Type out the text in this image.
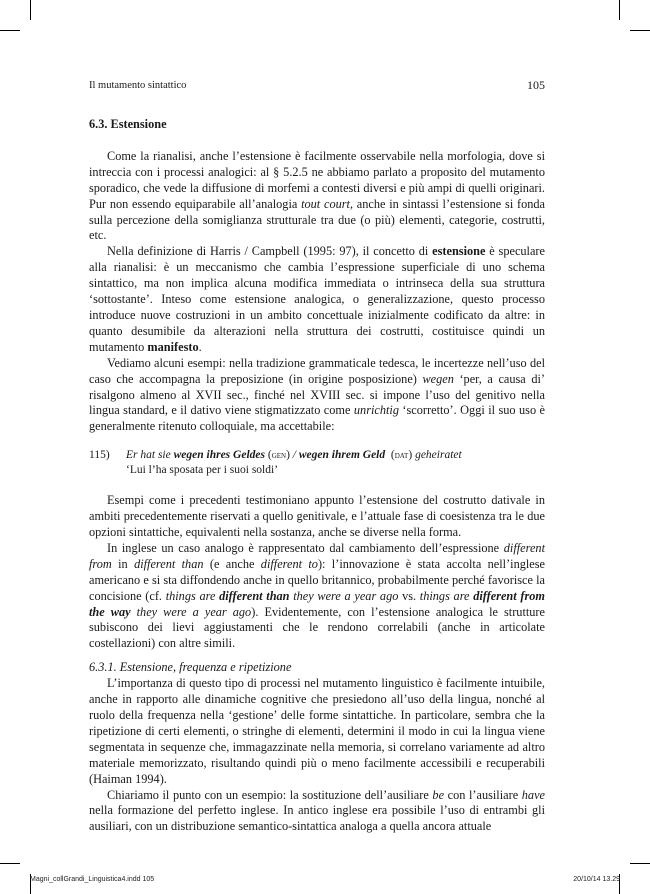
Il mutamento sintattico	105
6.3. Estensione

Come la rianalisi, anche l’estensione è facilmente osservabile nella morfologia, dove si intreccia con i processi analogici: al § 5.2.5 ne abbiamo parlato a proposito del mutamento sporadico, che vede la diffusione di morfemi a contesti diversi e più ampi di quelli originari. Pur non essendo equiparabile all’analogia tout court, anche in sintassi l’estensione si fonda sulla percezione della somiglianza strutturale tra due (o più) elementi, categorie, costrutti, etc.

Nella definizione di Harris / Campbell (1995: 97), il concetto di estensione è speculare alla rianalisi: è un meccanismo che cambia l’espressione superficiale di uno schema sintattico, ma non implica alcuna modifica immediata o intrinseca della sua struttura ‘sottostante’. Inteso come estensione analogica, o generalizzazione, questo processo introduce nuove costruzioni in un ambito concettuale inizialmente codificato da altre: in quanto desumibile da alterazioni nella struttura dei costrutti, costituisce quindi un mutamento manifesto.

Vediamo alcuni esempi: nella tradizione grammaticale tedesca, le incertezze nell’uso del caso che accompagna la preposizione (in origine posposizione) wegen ‘per, a causa di’ risalgono almeno al XVII sec., finché nel XVIII sec. si impone l’uso del genitivo nella lingua standard, e il dativo viene stigmatizzato come unrichtig ‘scorretto’. Oggi il suo uso è generalmente ritenuto colloquiale, ma accettabile:

115)	Er hat sie wegen ihres Geldes (gen) / wegen ihrem Geld  (dat) geheiratet
‘Lui l’ha sposata per i suoi soldi’

Esempi come i precedenti testimoniano appunto l’estensione del costrutto dativale in ambiti precedentemente riservati a quello genitivale, e l’attuale fase di coesistenza tra le due opzioni sintattiche, equivalenti nella sostanza, anche se diverse nella forma.

In inglese un caso analogo è rappresentato dal cambiamento dell’espressione different from in different than (e anche different to): l’innovazione è stata accolta nell’inglese americano e si sta diffondendo anche in quello britannico, probabilmente perché favorisce la concisione (cf. things are different than they were a year ago vs. things are different from the way they were a year ago). Evidentemente, con l’estensione analogica le strutture subiscono dei lievi aggiustamenti che le rendono correlabili (anche in articolate costellazioni) con altre simili.

6.3.1. Estensione, frequenza e ripetizione

L’importanza di questo tipo di processi nel mutamento linguistico è facilmente intuibile, anche in rapporto alle dinamiche cognitive che presiedono all’uso della lingua, nonché al ruolo della frequenza nella ‘gestione’ delle forme sintattiche. In particolare, sembra che la ripetizione di certi elementi, o stringhe di elementi, determini il modo in cui la lingua viene segmentata in sequenze che, immagazzinate nella memoria, si correlano variamente ad altro materiale memorizzato, risultando quindi più o meno facilmente accessibili e recuperabili (Haiman 1994).

Chiariamo il punto con un esempio: la sostituzione dell’ausiliare be con l’ausiliare have nella formazione del perfetto inglese. In antico inglese era possibile l’uso di entrambi gli ausiliari, con un distribuzione semantico-sintattica analoga a quella ancora attuale

Magni_collGrandi_Linguistica4.indd 105	20/10/14 13.29
